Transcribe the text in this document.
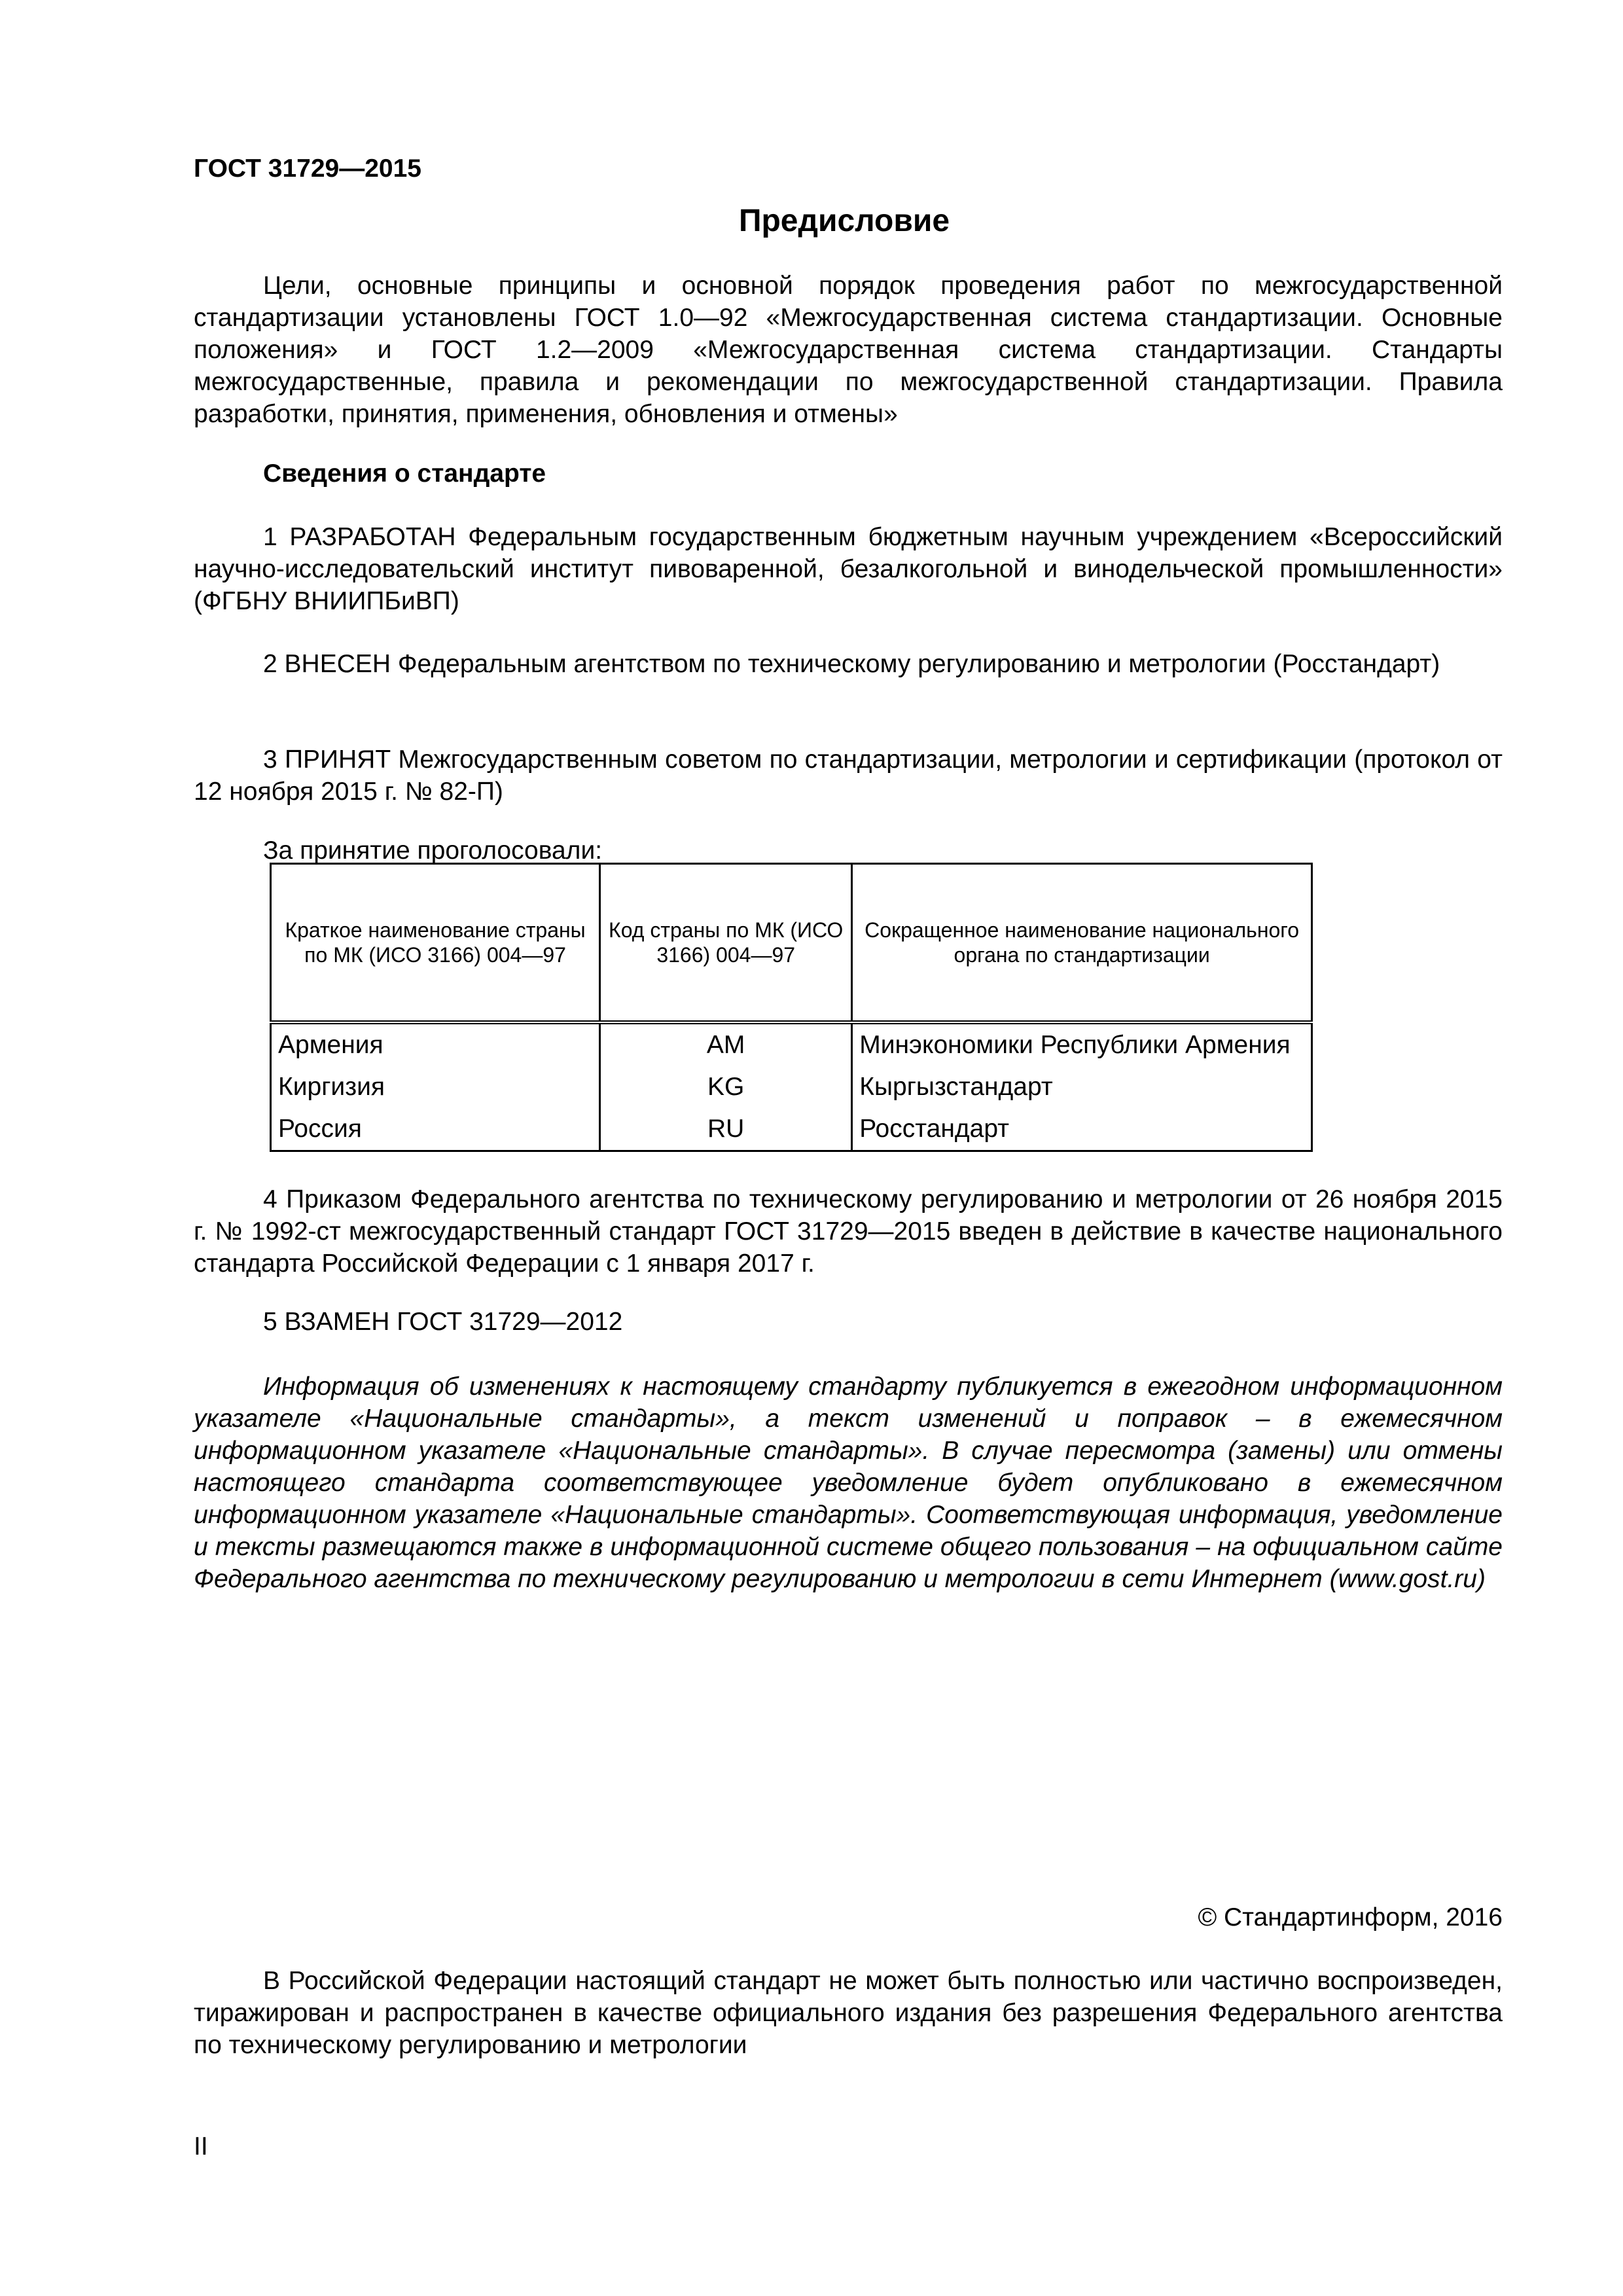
ГОСТ 31729—2015
Предисловие
Цели, основные принципы и основной порядок проведения работ по межгосударственной стандартизации установлены ГОСТ 1.0—92 «Межгосударственная система стандартизации. Основные положения» и ГОСТ 1.2—2009 «Межгосударственная система стандартизации. Стандарты межгосударственные, правила и рекомендации по межгосударственной стандартизации. Правила разработки, принятия, применения, обновления и отмены»
Сведения о стандарте
1 РАЗРАБОТАН Федеральным государственным бюджетным научным учреждением «Всероссийский научно-исследовательский институт пивоваренной, безалкогольной и винодельческой промышленности» (ФГБНУ ВНИИПБиВП)
2 ВНЕСЕН Федеральным агентством по техническому регулированию и метрологии (Росстандарт)
3 ПРИНЯТ Межгосударственным советом по стандартизации, метрологии и сертификации (протокол от 12 ноября 2015 г. № 82-П)
За принятие проголосовали:
Краткое наименование страны по МК (ИСО 3166) 004—97	Код страны по МК (ИСО 3166) 004—97	Сокращенное наименование национального органа по стандартизации
Армения	AM	Минэкономики Республики Армения
Киргизия	KG	Кыргызстандарт
Россия	RU	Росстандарт
4 Приказом Федерального агентства по техническому регулированию и метрологии от 26 ноября 2015 г. № 1992-ст межгосударственный стандарт ГОСТ 31729—2015 введен в действие в качестве национального стандарта Российской Федерации с 1 января 2017 г.
5 ВЗАМЕН ГОСТ 31729—2012
Информация об изменениях к настоящему стандарту публикуется в ежегодном информационном указателе «Национальные стандарты», а текст изменений и поправок – в ежемесячном информационном указателе «Национальные стандарты». В случае пересмотра (замены) или отмены настоящего стандарта соответствующее уведомление будет опубликовано в ежемесячном информационном указателе «Национальные стандарты». Соответствующая информация, уведомление и тексты размещаются также в информационной системе общего пользования – на официальном сайте Федерального агентства по техническому регулированию и метрологии в сети Интернет (www.gost.ru)
© Стандартинформ, 2016
В Российской Федерации настоящий стандарт не может быть полностью или частично воспроизведен, тиражирован и распространен в качестве официального издания без разрешения Федерального агентства по техническому регулированию и метрологии
II
